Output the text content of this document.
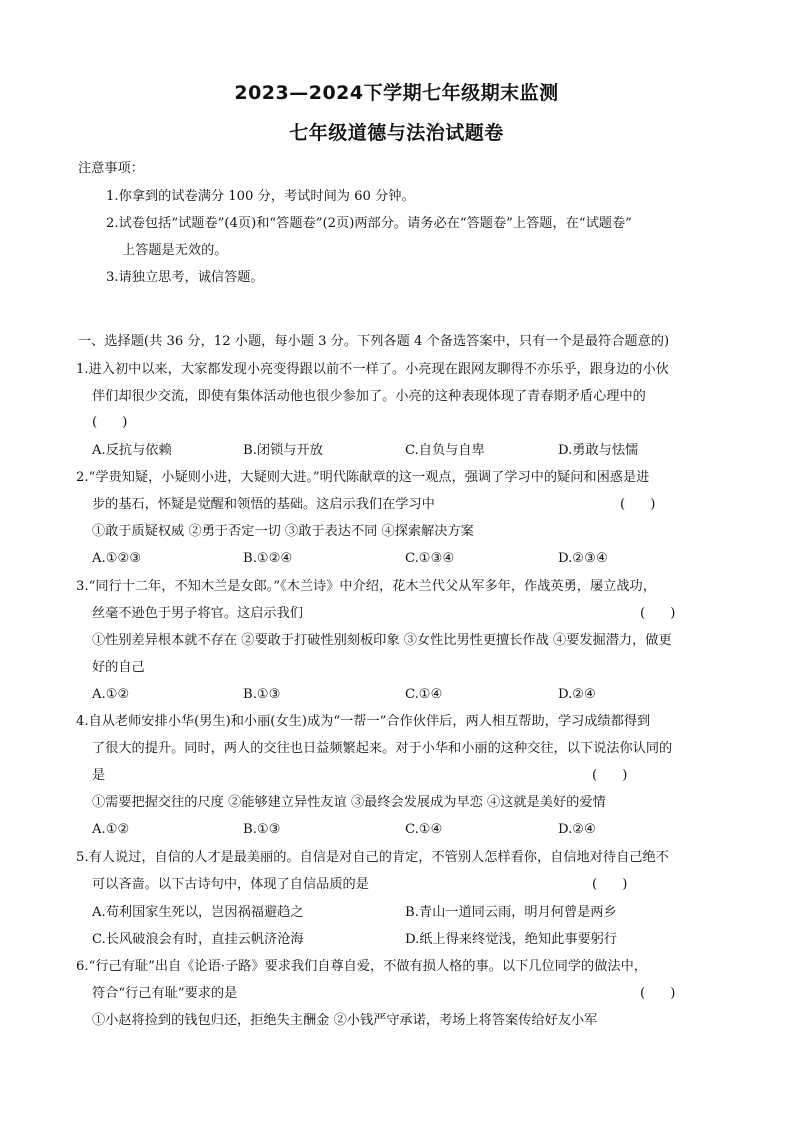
2023—2024下学期七年级期末监测
七年级道德与法治试题卷
注意事项：
1.你拿到的试卷满分 100 分，考试时间为 60 分钟。
2.试卷包括“试题卷”(4页)和“答题卷”(2页)两部分。请务必在“答题卷”上答题，在“试题卷”
上答题是无效的。
3.请独立思考，诚信答题。
一、选择题(共 36 分，12 小题，每小题 3 分。下列各题 4 个备选答案中，只有一个是最符合题意的)
1.进入初中以来，大家都发现小亮变得跟以前不一样了。小亮现在跟网友聊得不亦乐乎，跟身边的小伙
伴们却很少交流，即使有集体活动他也很少参加了。小亮的这种表现体现了青春期矛盾心理中的
(      )
A.反抗与依赖	B.闭锁与开放	C.自负与自卑	D.勇敢与怯懦
2.“学贵知疑，小疑则小进，大疑则大进。”明代陈献章的这一观点，强调了学习中的疑问和困惑是进
步的基石，怀疑是觉醒和领悟的基础。这启示我们在学习中	(      )
①敢于质疑权威 ②勇于否定一切 ③敢于表达不同 ④探索解决方案
A.①②③	B.①②④	C.①③④	D.②③④
3.“同行十二年，不知木兰是女郎。”《木兰诗》中介绍，花木兰代父从军多年，作战英勇，屡立战功，
丝毫不逊色于男子将官。这启示我们	(      )
①性别差异根本就不存在 ②要敢于打破性别刻板印象 ③女性比男性更擅长作战 ④要发掘潜力，做更
好的自己
A.①②	B.①③	C.①④	D.②④
4.自从老师安排小华(男生)和小丽(女生)成为“一帮一”合作伙伴后，两人相互帮助，学习成绩都得到
了很大的提升。同时，两人的交往也日益频繁起来。对于小华和小丽的这种交往，以下说法你认同的
是	(      )
①需要把握交往的尺度 ②能够建立异性友谊 ③最终会发展成为早恋 ④这就是美好的爱情
A.①②	B.①③	C.①④	D.②④
5.有人说过，自信的人才是最美丽的。自信是对自己的肯定，不管别人怎样看你，自信地对待自己绝不
可以吝啬。以下古诗句中，体现了自信品质的是	(      )
A.苟利国家生死以，岂因祸福避趋之	B.青山一道同云雨，明月何曾是两乡
C.长风破浪会有时，直挂云帆济沧海	D.纸上得来终觉浅，绝知此事要躬行
6.“行己有耻”出自《论语·子路》要求我们自尊自爱，不做有损人格的事。以下几位同学的做法中，
符合“行己有耻”要求的是	(      )
①小赵将捡到的钱包归还，拒绝失主酬金 ②小钱严守承诺，考场上将答案传给好友小军
